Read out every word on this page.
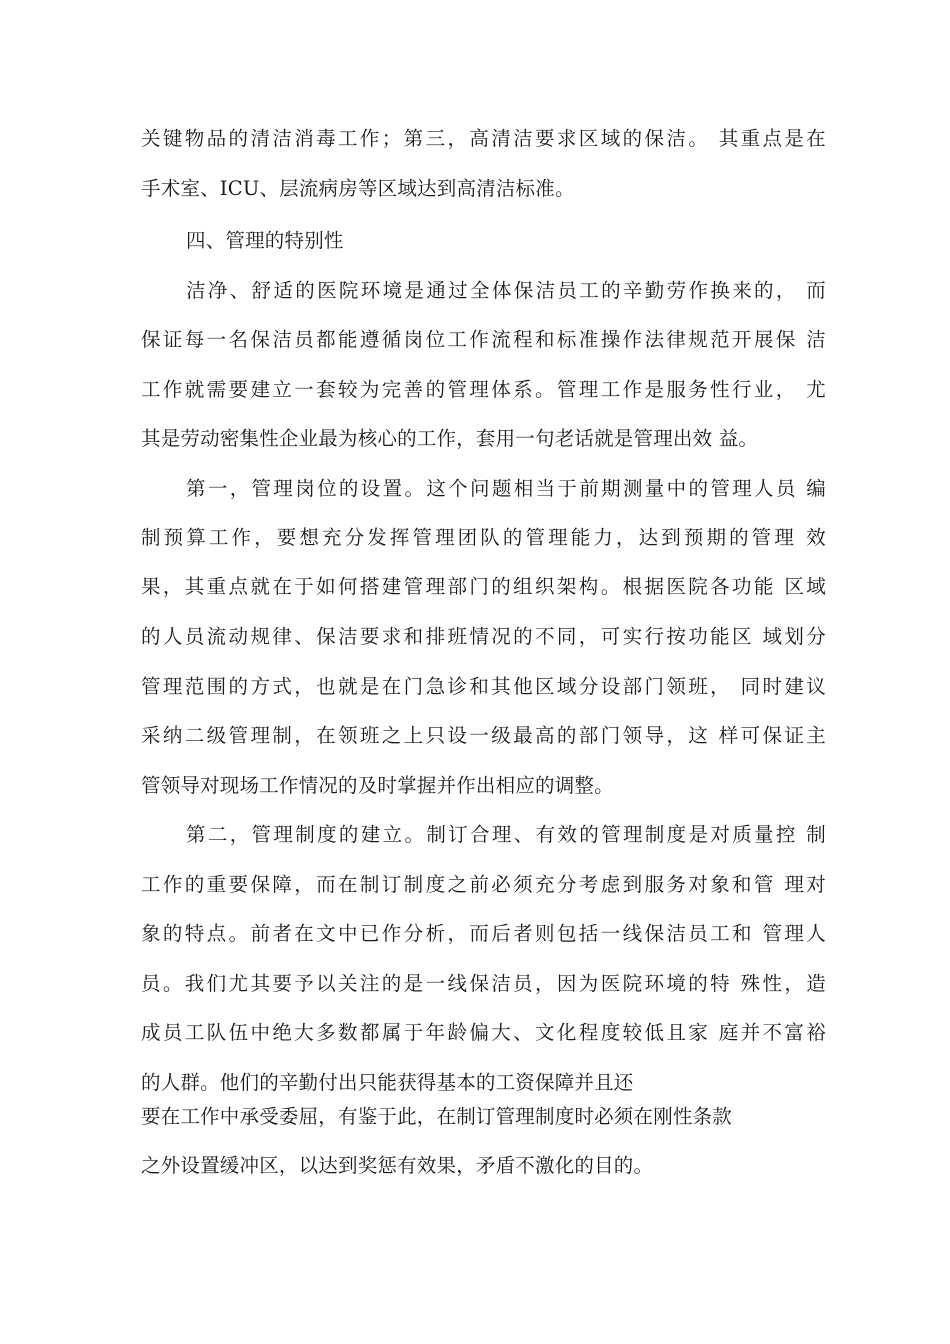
关键物品的清洁消毒工作；第三，高清洁要求区域的保洁。 其重点是在
手术室、ICU、层流病房等区域达到高清洁标准。
四、管理的特别性
洁净、舒适的医院环境是通过全体保洁员工的辛勤劳作换来的， 而
保证每一名保洁员都能遵循岗位工作流程和标准操作法律规范开展保 洁
工作就需要建立一套较为完善的管理体系。管理工作是服务性行业， 尤
其是劳动密集性企业最为核心的工作，套用一句老话就是管理出效 益。
第一，管理岗位的设置。这个问题相当于前期测量中的管理人员 编
制预算工作，要想充分发挥管理团队的管理能力，达到预期的管理 效
果，其重点就在于如何搭建管理部门的组织架构。根据医院各功能 区域
的人员流动规律、保洁要求和排班情况的不同，可实行按功能区 域划分
管理范围的方式，也就是在门急诊和其他区域分设部门领班， 同时建议
采纳二级管理制，在领班之上只设一级最高的部门领导，这 样可保证主
管领导对现场工作情况的及时掌握并作出相应的调整。
第二，管理制度的建立。制订合理、有效的管理制度是对质量控 制
工作的重要保障，而在制订制度之前必须充分考虑到服务对象和管 理对
象的特点。前者在文中已作分析，而后者则包括一线保洁员工和 管理人
员。我们尤其要予以关注的是一线保洁员，因为医院环境的特 殊性，造
成员工队伍中绝大多数都属于年龄偏大、文化程度较低且家 庭并不富裕
的人群。他们的辛勤付出只能获得基本的工资保障并且还
要在工作中承受委屈，有鉴于此，在制订管理制度时必须在刚性条款
之外设置缓冲区，以达到奖惩有效果，矛盾不激化的目的。
